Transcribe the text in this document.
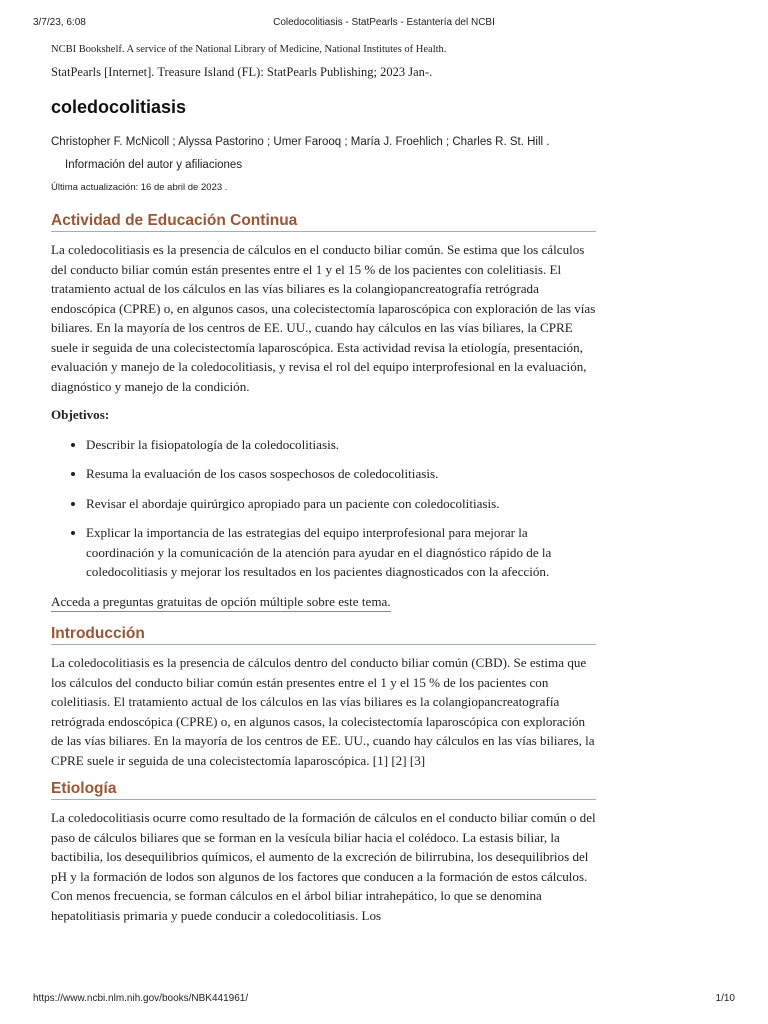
3/7/23, 6:08	Coledocolitiasis - StatPearls - Estantería del NCBI
NCBI Bookshelf. A service of the National Library of Medicine, National Institutes of Health.
StatPearls [Internet]. Treasure Island (FL): StatPearls Publishing; 2023 Jan-.
coledocolitiasis
Christopher F. McNicoll ; Alyssa Pastorino ; Umer Farooq ; María J. Froehlich ; Charles R. St. Hill .
Información del autor y afiliaciones
Última actualización: 16 de abril de 2023 .
Actividad de Educación Continua

La coledocolitiasis es la presencia de cálculos en el conducto biliar común. Se estima que los cálculos del conducto biliar común están presentes entre el 1 y el 15 % de los pacientes con colelitiasis. El tratamiento actual de los cálculos en las vías biliares es la colangiopancreatografía retrógrada endoscópica (CPRE) o, en algunos casos, una colecistectomía laparoscópica con exploración de las vías biliares. En la mayoría de los centros de EE. UU., cuando hay cálculos en las vías biliares, la CPRE suele ir seguida de una colecistectomía laparoscópica. Esta actividad revisa la etiología, presentación, evaluación y manejo de la coledocolitiasis, y revisa el rol del equipo interprofesional en la evaluación, diagnóstico y manejo de la condición.

Objetivos:
• Describir la fisiopatología de la coledocolitiasis.
• Resuma la evaluación de los casos sospechosos de coledocolitiasis.
• Revisar el abordaje quirúrgico apropiado para un paciente con coledocolitiasis.
• Explicar la importancia de las estrategias del equipo interprofesional para mejorar la coordinación y la comunicación de la atención para ayudar en el diagnóstico rápido de la coledocolitiasis y mejorar los resultados en los pacientes diagnosticados con la afección.
Acceda a preguntas gratuitas de opción múltiple sobre este tema.
Introducción

La coledocolitiasis es la presencia de cálculos dentro del conducto biliar común (CBD). Se estima que los cálculos del conducto biliar común están presentes entre el 1 y el 15 % de los pacientes con colelitiasis. El tratamiento actual de los cálculos en las vías biliares es la colangiopancreatografía retrógrada endoscópica (CPRE) o, en algunos casos, la colecistectomía laparoscópica con exploración de las vías biliares. En la mayoría de los centros de EE. UU., cuando hay cálculos en las vías biliares, la CPRE suele ir seguida de una colecistectomía laparoscópica. [1] [2] [3]

Etiología

La coledocolitiasis ocurre como resultado de la formación de cálculos en el conducto biliar común o del paso de cálculos biliares que se forman en la vesícula biliar hacia el colédoco. La estasis biliar, la bactibilia, los desequilibrios químicos, el aumento de la excreción de bilirrubina, los desequilibrios del pH y la formación de lodos son algunos de los factores que conducen a la formación de estos cálculos. Con menos frecuencia, se forman cálculos en el árbol biliar intrahepático, lo que se denomina hepatolitiasis primaria y puede conducir a coledocolitiasis. Los

https://www.ncbi.nlm.nih.gov/books/NBK441961/	1/10
